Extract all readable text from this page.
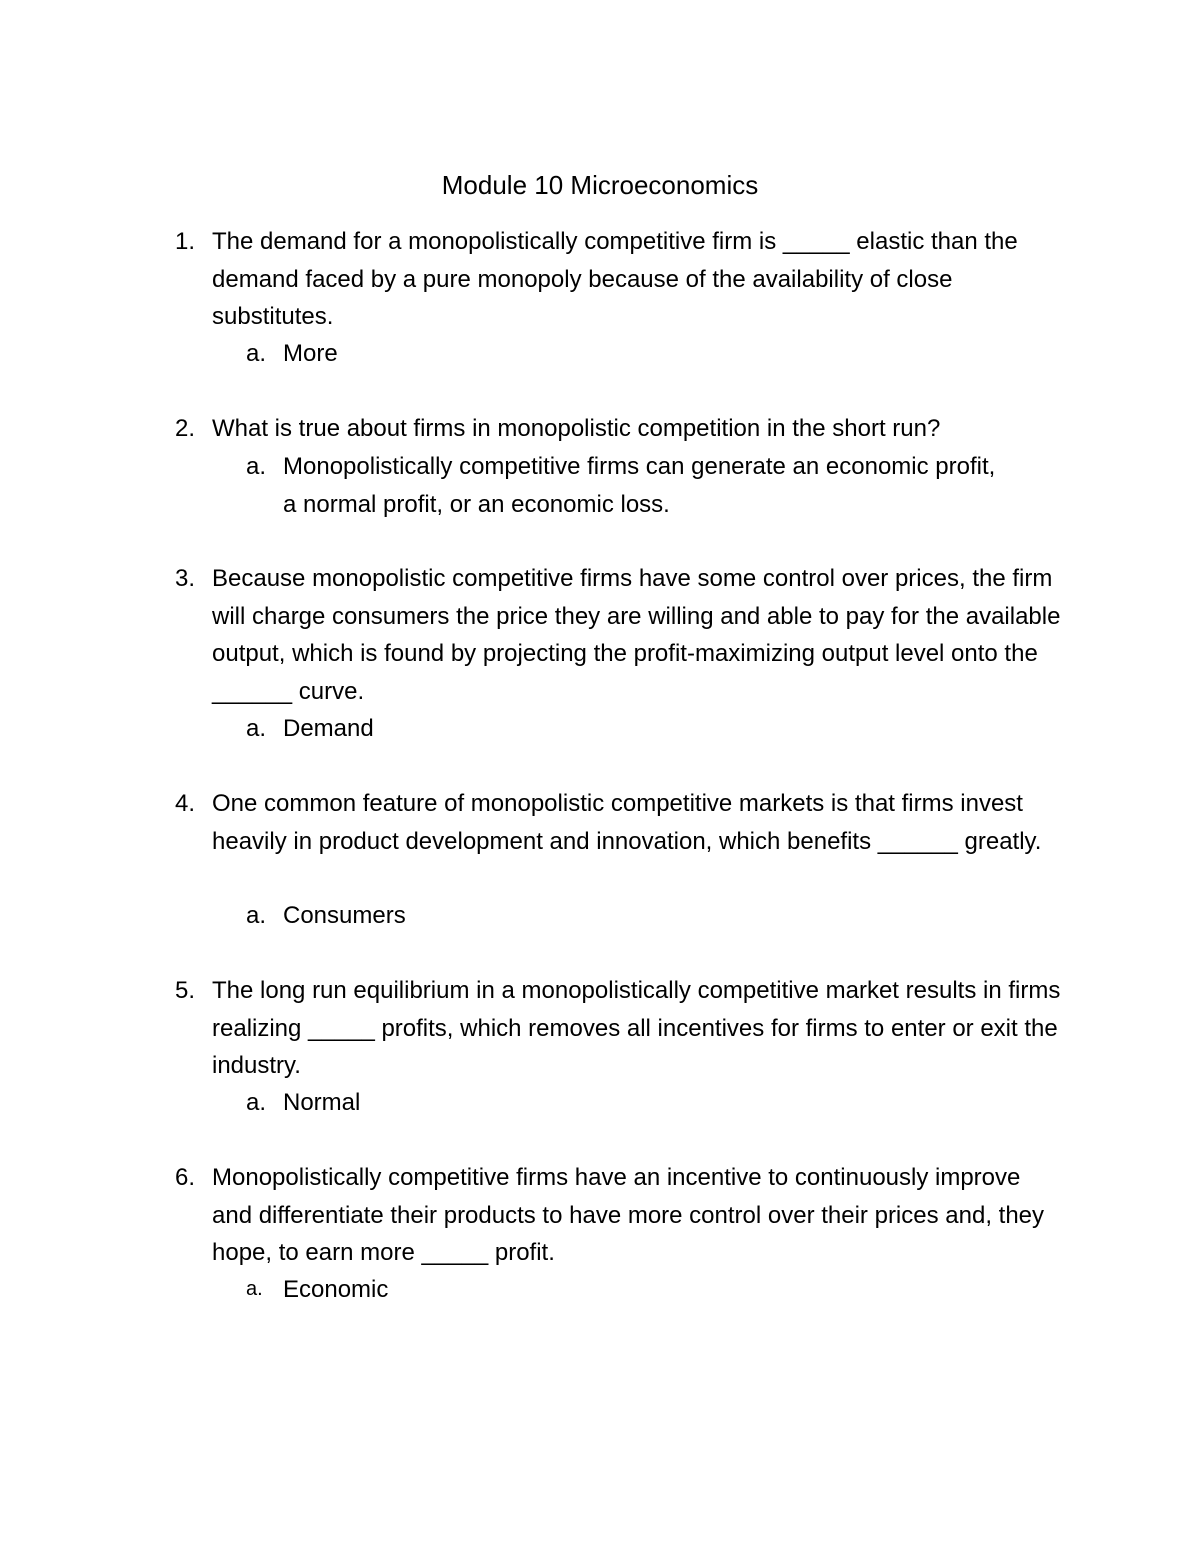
Module 10 Microeconomics
1. The demand for a monopolistically competitive firm is _____ elastic than the demand faced by a pure monopoly because of the availability of close substitutes.

a. More

2. What is true about firms in monopolistic competition in the short run?

a. Monopolistically competitive firms can generate an economic profit, a normal profit, or an economic loss.

3. Because monopolistic competitive firms have some control over prices, the firm will charge consumers the price they are willing and able to pay for the available output, which is found by projecting the profit-maximizing output level onto the ______ curve.

a. Demand

4. One common feature of monopolistic competitive markets is that firms invest heavily in product development and innovation, which benefits ______ greatly.

a. Consumers

5. The long run equilibrium in a monopolistically competitive market results in firms realizing _____ profits, which removes all incentives for firms to enter or exit the industry.

a. Normal

6. Monopolistically competitive firms have an incentive to continuously improve and differentiate their products to have more control over their prices and, they hope, to earn more _____ profit.

a. Economic
